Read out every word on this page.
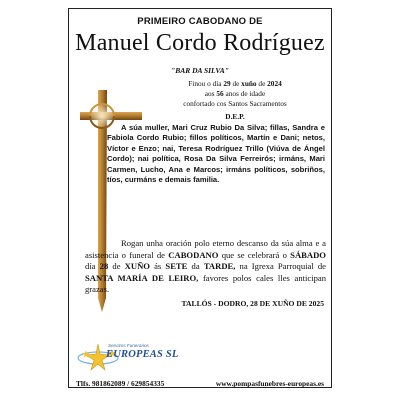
PRIMEIRO CABODANO DE
Manuel Cordo Rodríguez
"BAR DA SILVA"
Finou o día 29 de xuño de 2024
aos 56 anos de idade
confortado cos Santos Sacramentos
D.E.P.
A súa muller, Mari Cruz Rubio Da Silva; fillas, Sandra e Fabiola Cordo Rubio; fillos políticos, Martín e Dani; netos, Víctor e Enzo; nai, Teresa Rodríguez Trillo (Viúva de Ángel Cordo); nai política, Rosa Da Silva Ferreirós; irmáns, Mari Carmen, Lucho, Ana e Marcos; irmáns políticos, sobriños, tíos, curmáns e demais familia.
Rogan unha oración polo eterno descanso da súa alma e a asistencia o funeral de CABODANO que se celebrará o SÁBADO día 28 de XUÑO ás SETE da TARDE, na Igrexa Parroquial de SANTA MARÍA DE LEIRO, favores polos cales lles anticipan grazas.
TALLÓS - DODRO, 28 DE XUÑO DE 2025
Servizos Funerarios
EUROPEAS SL
Tlfs. 981862089 / 629854335	www.pompasfunebres-europeas.es
